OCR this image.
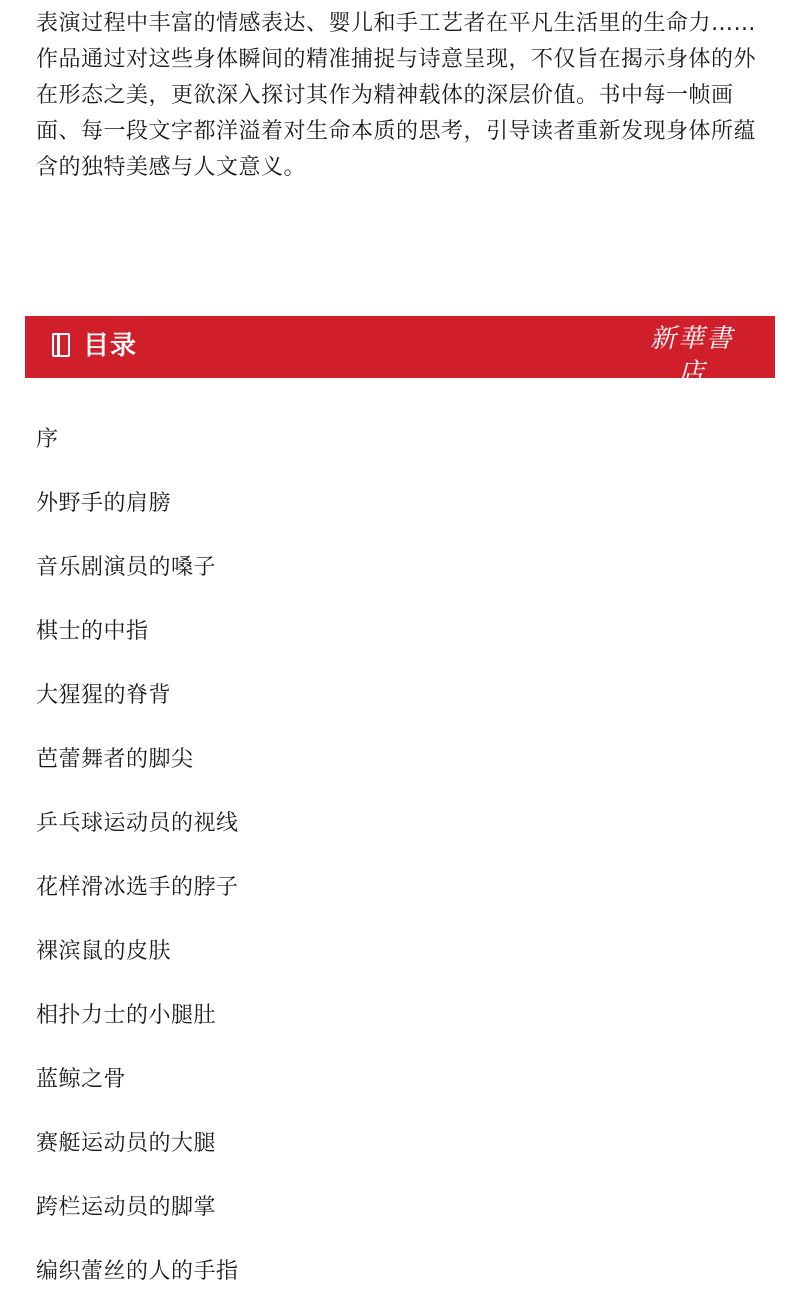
表演过程中丰富的情感表达、婴儿和手工艺者在平凡生活里的生命力……作品通过对这些身体瞬间的精准捕捉与诗意呈现，不仅旨在揭示身体的外在形态之美，更欲深入探讨其作为精神载体的深层价值。书中每一帧画面、每一段文字都洋溢着对生命本质的思考，引导读者重新发现身体所蕴含的独特美感与人文意义。

目录	新華書店
XINHUA BOOKSTORE
序
外野手的肩膀
音乐剧演员的嗓子
棋士的中指
大猩猩的脊背
芭蕾舞者的脚尖
乒乓球运动员的视线
花样滑冰选手的脖子
裸滨鼠的皮肤
相扑力士的小腿肚
蓝鲸之骨
赛艇运动员的大腿
跨栏运动员的脚掌
编织蕾丝的人的手指
